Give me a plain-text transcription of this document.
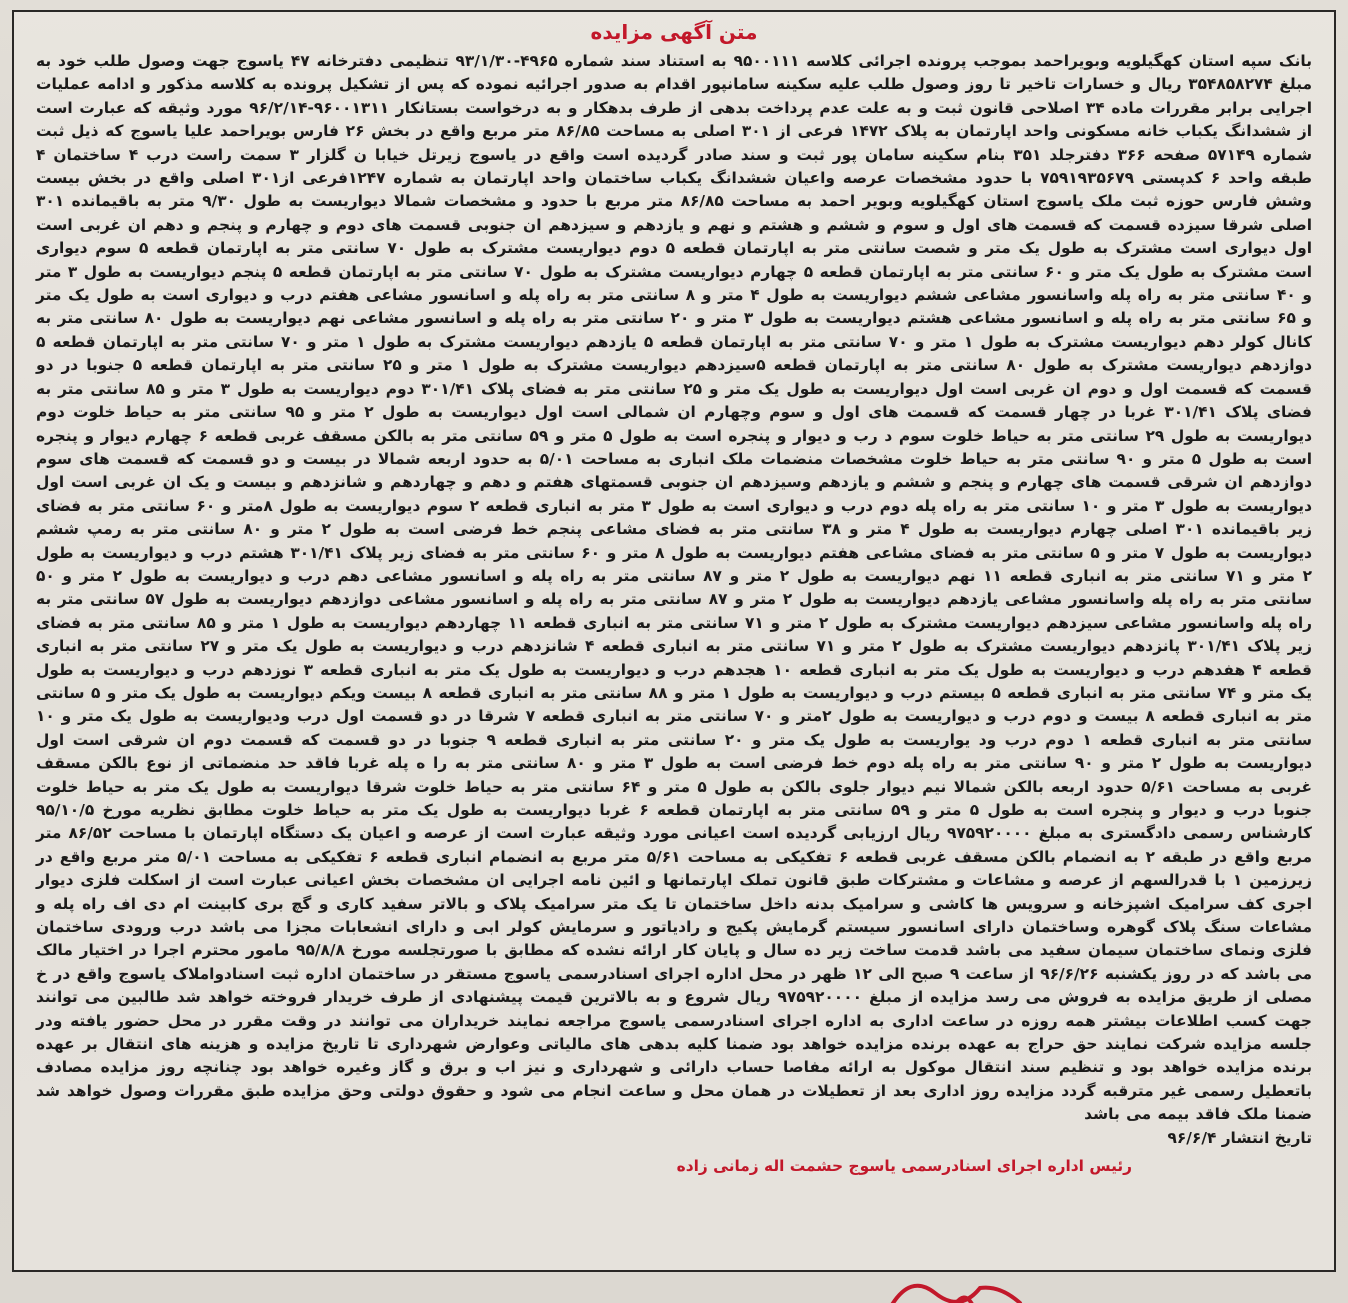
متن آگهی مزایده

بانک سپه استان کهگیلویه وبویراحمد بموجب پرونده اجرائی کلاسه ۹۵۰۰۱۱۱ به استناد سند شماره ۴۹۶۵-۹۳/۱/۳۰ تنظیمی دفترخانه ۴۷ یاسوج جهت وصول طلب خود به مبلغ ۳۵۴۸۵۸۲۷۴ ریال و خسارات تاخیر تا روز وصول طلب علیه سکینه سامانپور اقدام به صدور اجرائیه نموده که پس از تشکیل پرونده به کلاسه مذکور و ادامه عملیات اجرایی برابر مقررات ماده ۳۴ اصلاحی قانون ثبت و به علت عدم پرداخت بدهی از طرف بدهکار و به درخواست بستانکار ۹۶۰۰۱۳۱۱-۹۶/۲/۱۴ مورد وثیقه که عبارت است از ششدانگ یکباب خانه مسکونی واحد اپارتمان به پلاک ۱۴۷۲ فرعی از ۳۰۱ اصلی به مساحت ۸۶/۸۵ متر مربع واقع در بخش ۲۶ فارس بویراحمد علیا یاسوج که ذیل ثبت شماره ۵۷۱۴۹ صفحه ۳۶۶ دفترجلد ۳۵۱ بنام سکینه سامان پور ثبت و سند صادر گردیده است واقع در یاسوج زیرتل خیابا ن گلزار ۳ سمت راست درب ۴ ساختمان ۴ طبقه واحد ۶ کدپستی ۷۵۹۱۹۳۵۶۷۹ با حدود مشخصات عرصه واعیان ششدانگ یکباب ساختمان واحد اپارتمان به شماره ۱۲۴۷فرعی از۳۰۱ اصلی واقع در بخش بیست وشش فارس حوزه ثبت ملک یاسوج استان کهگیلویه وبویر احمد به مساحت ۸۶/۸۵ متر مربع با حدود و مشخصات شمالا دیواریست به طول ۹/۳۰ متر به باقیمانده ۳۰۱ اصلی شرقا سیزده قسمت که قسمت های اول و سوم و ششم و هشتم و نهم و یازدهم و سیزدهم ان جنوبی قسمت های دوم و چهارم و پنجم و دهم ان غربی است اول دیواری است مشترک به طول یک متر و شصت سانتی متر به اپارتمان قطعه ۵ دوم دیواریست مشترک به طول ۷۰ سانتی متر به اپارتمان قطعه ۵ سوم دیواری است مشترک به طول یک متر و ۶۰ سانتی متر به اپارتمان قطعه ۵ چهارم دیواریست مشترک به طول ۷۰ سانتی متر به اپارتمان قطعه ۵ پنجم دیواریست به طول ۳ متر و ۴۰ سانتی متر به راه پله واسانسور مشاعی ششم دیواریست به طول ۴ متر و ۸ سانتی متر به راه پله و اسانسور مشاعی هفتم درب و دیواری است به طول یک متر و ۶۵ سانتی متر به راه پله و اسانسور مشاعی هشتم دیواریست به طول ۳ متر و ۲۰ سانتی متر به راه پله و اسانسور مشاعی نهم دیواریست به طول ۸۰ سانتی متر به کانال کولر دهم دیواریست مشترک به طول ۱ متر و ۷۰ سانتی متر به اپارتمان قطعه ۵ یازدهم دیواریست مشترک به طول ۱ متر و ۷۰ سانتی متر به اپارتمان قطعه ۵ دوازدهم دیواریست مشترک به طول ۸۰ سانتی متر به اپارتمان قطعه ۵سیزدهم دیواریست مشترک به طول ۱ متر و ۲۵ سانتی متر به اپارتمان قطعه ۵ جنوبا در دو قسمت که قسمت اول و دوم ان غربی است اول دیواریست به طول یک متر و ۲۵ سانتی متر به فضای پلاک ۳۰۱/۴۱ دوم دیواریست به طول ۳ متر و ۸۵ سانتی متر به فضای پلاک ۳۰۱/۴۱ غربا در چهار قسمت که قسمت های اول و سوم وچهارم ان شمالی است اول دیواریست به طول ۲ متر و ۹۵ سانتی متر به حیاط خلوت دوم دیواریست به طول ۲۹ سانتی متر به حیاط خلوت سوم د رب و دیوار و پنجره است به طول ۵ متر و ۵۹ سانتی متر به بالکن مسقف غربی قطعه ۶ چهارم دیوار و پنجره است به طول ۵ متر و ۹۰ سانتی متر به حیاط خلوت مشخصات منضمات ملک انباری به مساحت ۵/۰۱ به حدود اربعه شمالا در بیست و دو قسمت که قسمت های سوم دوازدهم ان شرقی قسمت های چهارم و پنجم و ششم و یازدهم وسیزدهم ان جنوبی قسمتهای هفتم و دهم و چهاردهم و شانزدهم و بیست و یک ان غربی است اول دیواریست به طول ۳ متر و ۱۰ سانتی متر به راه پله دوم درب و دیواری است به طول ۳ متر به انباری قطعه ۲ سوم دیواریست به طول ۸متر و ۶۰ سانتی متر به فضای زیر باقیمانده ۳۰۱ اصلی چهارم دیواریست به طول ۴ متر و ۳۸ سانتی متر به فضای مشاعی پنجم خط فرضی است به طول ۲ متر و ۸۰ سانتی متر به رمپ ششم دیواریست به طول ۷ متر و ۵ سانتی متر به فضای مشاعی هفتم دیواریست به طول ۸ متر و ۶۰ سانتی متر به فضای زیر پلاک ۳۰۱/۴۱ هشتم درب و دیواریست به طول ۲ متر و ۷۱ سانتی متر به انباری قطعه ۱۱ نهم دیواریست به طول ۲ متر و ۸۷ سانتی متر به راه پله و اسانسور مشاعی دهم درب و دیواریست به طول ۲ متر و ۵۰ سانتی متر به راه پله واسانسور مشاعی یازدهم دیواریست به طول ۲ متر و ۸۷ سانتی متر به راه پله و اسانسور مشاعی دوازدهم دیواریست به طول ۵۷ سانتی متر به راه پله واسانسور مشاعی سیزدهم دیواریست مشترک به طول ۲ متر و ۷۱ سانتی متر به انباری قطعه ۱۱ چهاردهم دیواریست به طول ۱ متر و ۸۵ سانتی متر به فضای زیر پلاک ۳۰۱/۴۱ پانزدهم دیواریست مشترک به طول ۲ متر و ۷۱ سانتی متر به انباری قطعه ۴ شانزدهم درب و دیواریست به طول یک متر و ۲۷ سانتی متر به انباری قطعه ۴ هفدهم درب و دیواریست به طول یک متر به انباری قطعه ۱۰ هجدهم درب و دیواریست به طول یک متر به انباری قطعه ۳ نوزدهم درب و دیواریست به طول یک متر و ۷۴ سانتی متر به انباری قطعه ۵ بیستم درب و دیواریست به طول ۱ متر و ۸۸ سانتی متر به انباری قطعه ۸ بیست ویکم دیواریست به طول یک متر و ۵ سانتی متر به انباری قطعه ۸ بیست و دوم درب و دیواریست به طول ۲متر و ۷۰ سانتی متر به انباری قطعه ۷ شرقا در دو قسمت اول درب ودیواریست به طول یک متر و ۱۰ سانتی متر به انباری قطعه ۱ دوم درب ود یواریست به طول یک متر و ۲۰ سانتی متر به انباری قطعه ۹ جنوبا در دو قسمت که قسمت دوم ان شرقی است اول دیواریست به طول ۲ متر و ۹۰ سانتی متر به راه پله دوم خط فرضی است به طول ۳ متر و ۸۰ سانتی متر به را ه پله غربا فاقد حد منضماتی از نوع بالکن مسقف غربی به مساحت ۵/۶۱ حدود اربعه بالکن شمالا نیم دیوار جلوی بالکن به طول ۵ متر و ۶۴ سانتی متر به حیاط خلوت شرقا دیواریست به طول یک متر به حیاط خلوت جنوبا درب و دیوار و پنجره است به طول ۵ متر و ۵۹ سانتی متر به اپارتمان قطعه ۶ غربا دیواریست به طول یک متر به حیاط خلوت مطابق نظریه مورخ ۹۵/۱۰/۵ کارشناس رسمی دادگستری به مبلغ ۹۷۵۹۲۰۰۰۰ ریال ارزیابی گردیده است اعیانی مورد وثیقه عبارت است از عرصه و اعیان یک دستگاه اپارتمان با مساحت ۸۶/۵۲ متر مربع واقع در طبقه ۲ به انضمام بالکن مسقف غربی قطعه ۶ تفکیکی به مساحت ۵/۶۱ متر مربع به انضمام انباری قطعه ۶ تفکیکی به مساحت ۵/۰۱ متر مربع واقع در زیرزمین ۱ با قدرالسهم از عرصه و مشاعات و مشترکات طبق قانون تملک اپارتمانها و ائین نامه اجرایی ان مشخصات بخش اعیانی عبارت است از اسکلت فلزی دیوار اجری کف سرامیک اشپزخانه و سرویس ها کاشی و سرامیک بدنه داخل ساختمان تا یک متر سرامیک پلاک و بالاتر سفید کاری و گچ بری کابینت ام دی اف راه پله و مشاعات سنگ پلاک گوهره وساختمان دارای اسانسور سیستم گرمایش پکیج و رادیاتور و سرمایش کولر ابی و دارای انشعابات مجزا می باشد درب ورودی ساختمان فلزی ونمای ساختمان سیمان سفید می باشد قدمت ساخت زیر ده سال و پایان کار ارائه نشده که مطابق با صورتجلسه مورخ ۹۵/۸/۸ مامور محترم اجرا در اختیار مالک می باشد که در روز یکشنبه ۹۶/۶/۲۶ از ساعت ۹ صبح الی ۱۲ ظهر در محل اداره اجرای اسنادرسمی یاسوج مستقر در ساختمان اداره ثبت اسنادواملاک یاسوج واقع در خ مصلی از طریق مزایده به فروش می رسد مزایده از مبلغ ۹۷۵۹۲۰۰۰۰ ریال شروع و به بالاترین قیمت پیشنهادی از طرف خریدار فروخته خواهد شد طالبین می توانند جهت کسب اطلاعات بیشتر همه روزه در ساعت اداری به اداره اجرای اسنادرسمی یاسوج مراجعه نمایند خریداران می توانند در وقت مقرر در محل حضور یافته ودر جلسه مزایده شرکت نمایند حق حراج به عهده برنده مزایده خواهد بود ضمنا کلیه بدهی های مالیاتی وعوارض شهرداری تا تاریخ مزایده و هزینه های انتقال بر عهده برنده مزایده خواهد بود و تنظیم سند انتقال موکول به ارائه مفاصا حساب دارائی و شهرداری و نیز اب و برق و گاز وغیره خواهد بود چنانچه روز مزایده مصادف باتعطیل رسمی غیر مترقبه گردد مزایده روز اداری بعد از تعطیلات در همان محل و ساعت انجام می شود و حقوق دولتی وحق مزایده طبق مقررات وصول خواهد شد ضمنا ملک فاقد بیمه می باشد

تاریخ انتشار ۹۶/۶/۴

رئیس اداره اجرای اسنادرسمی یاسوج حشمت اله زمانی زاده
